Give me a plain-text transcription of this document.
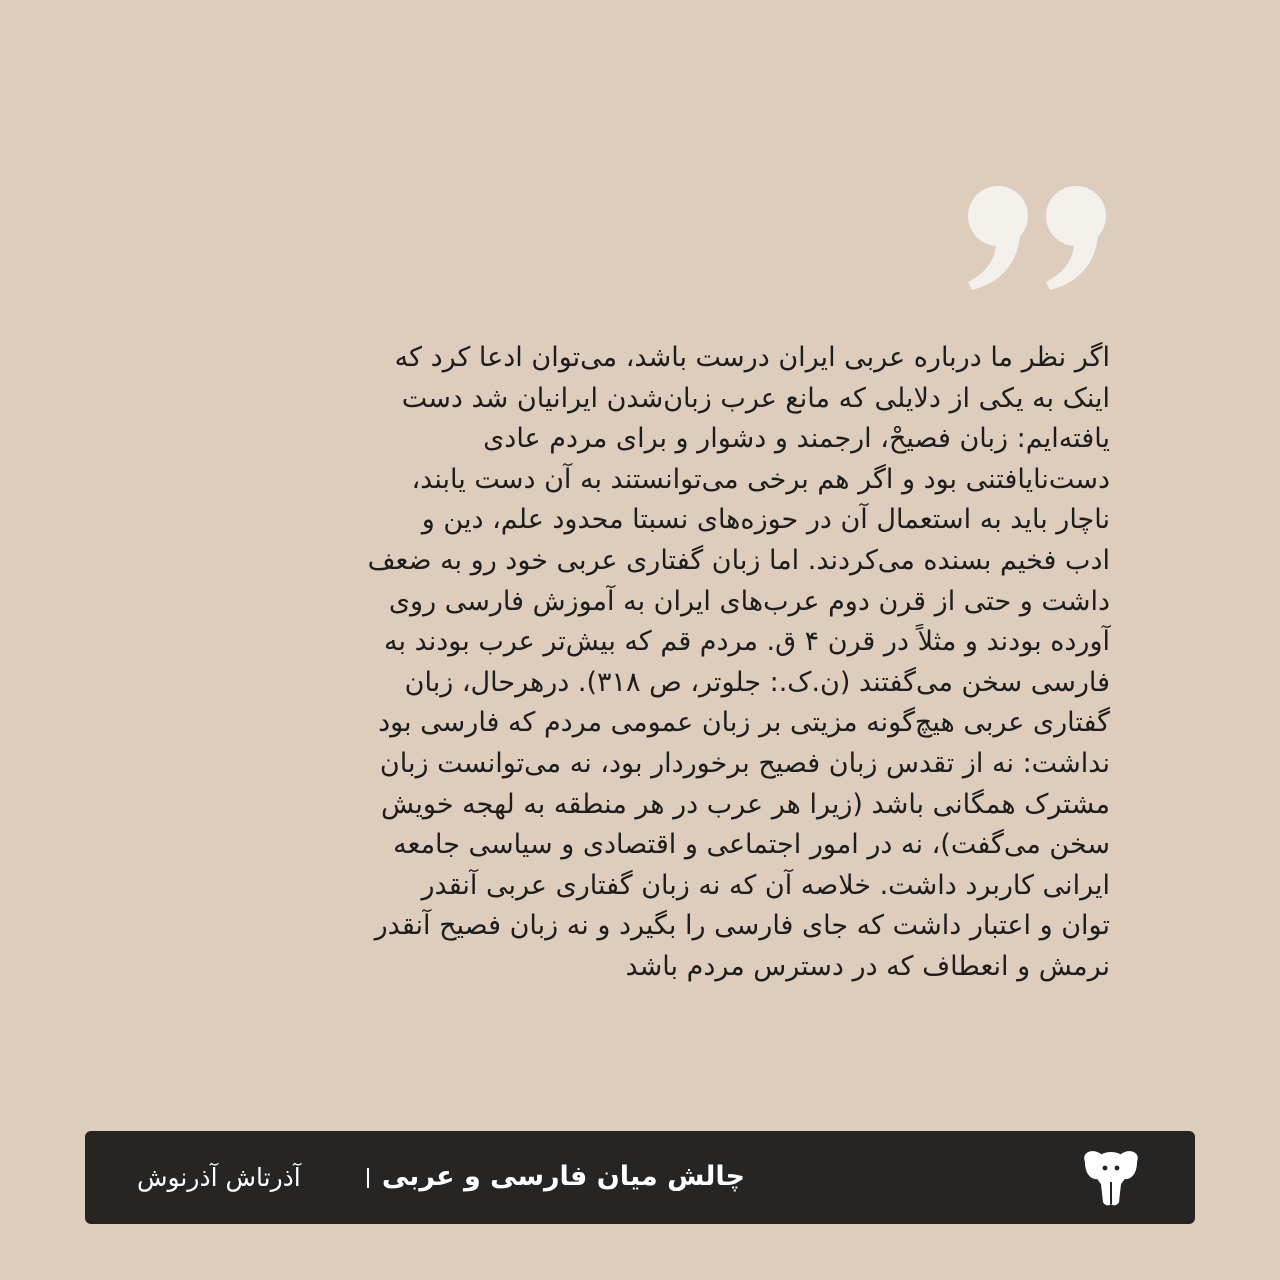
اگر نظر ما درباره عربی ایران درست باشد، می‌توان ادعا کرد که
اینک به یکی از دلایلی که مانع عرب زبان‌شدن ایرانیان شد دست
یافته‌ایم: زبان فصیحْ، ارجمند و دشوار و برای مردم عادی
دست‌نایافتنی بود و اگر هم برخی می‌توانستند به آن دست یابند،
ناچار باید به استعمال آن در حوزه‌های نسبتا محدود علم، دین و
ادب فخیم بسنده می‌کردند. اما زبان گفتاری عربی خود رو به ضعف
داشت و حتی از قرن دوم عرب‌های ایران به آموزش فارسی روی
آورده بودند و مثلاً در قرن ۴ ق. مردم قم که بیش‌تر عرب بودند به
فارسی سخن می‌گفتند (ن.ک.: جلوتر، ص ۳۱۸). درهرحال، زبان
گفتاری عربی هیچ‌گونه مزیتی بر زبان عمومی مردم که فارسی بود
نداشت: نه از تقدس زبان فصیح برخوردار بود، نه می‌توانست زبان
مشترک همگانی باشد (زیرا هر عرب در هر منطقه به لهجه خویش
سخن می‌گفت)، نه در امور اجتماعی و اقتصادی و سیاسی جامعه
ایرانی کاربرد داشت. خلاصه آن که نه زبان گفتاری عربی آنقدر
توان و اعتبار داشت که جای فارسی را بگیرد و نه زبان فصیح آنقدر
نرمش و انعطاف که در دسترس مردم باشد
چالش میان فارسی و عربی
آذرتاش آذرنوش
